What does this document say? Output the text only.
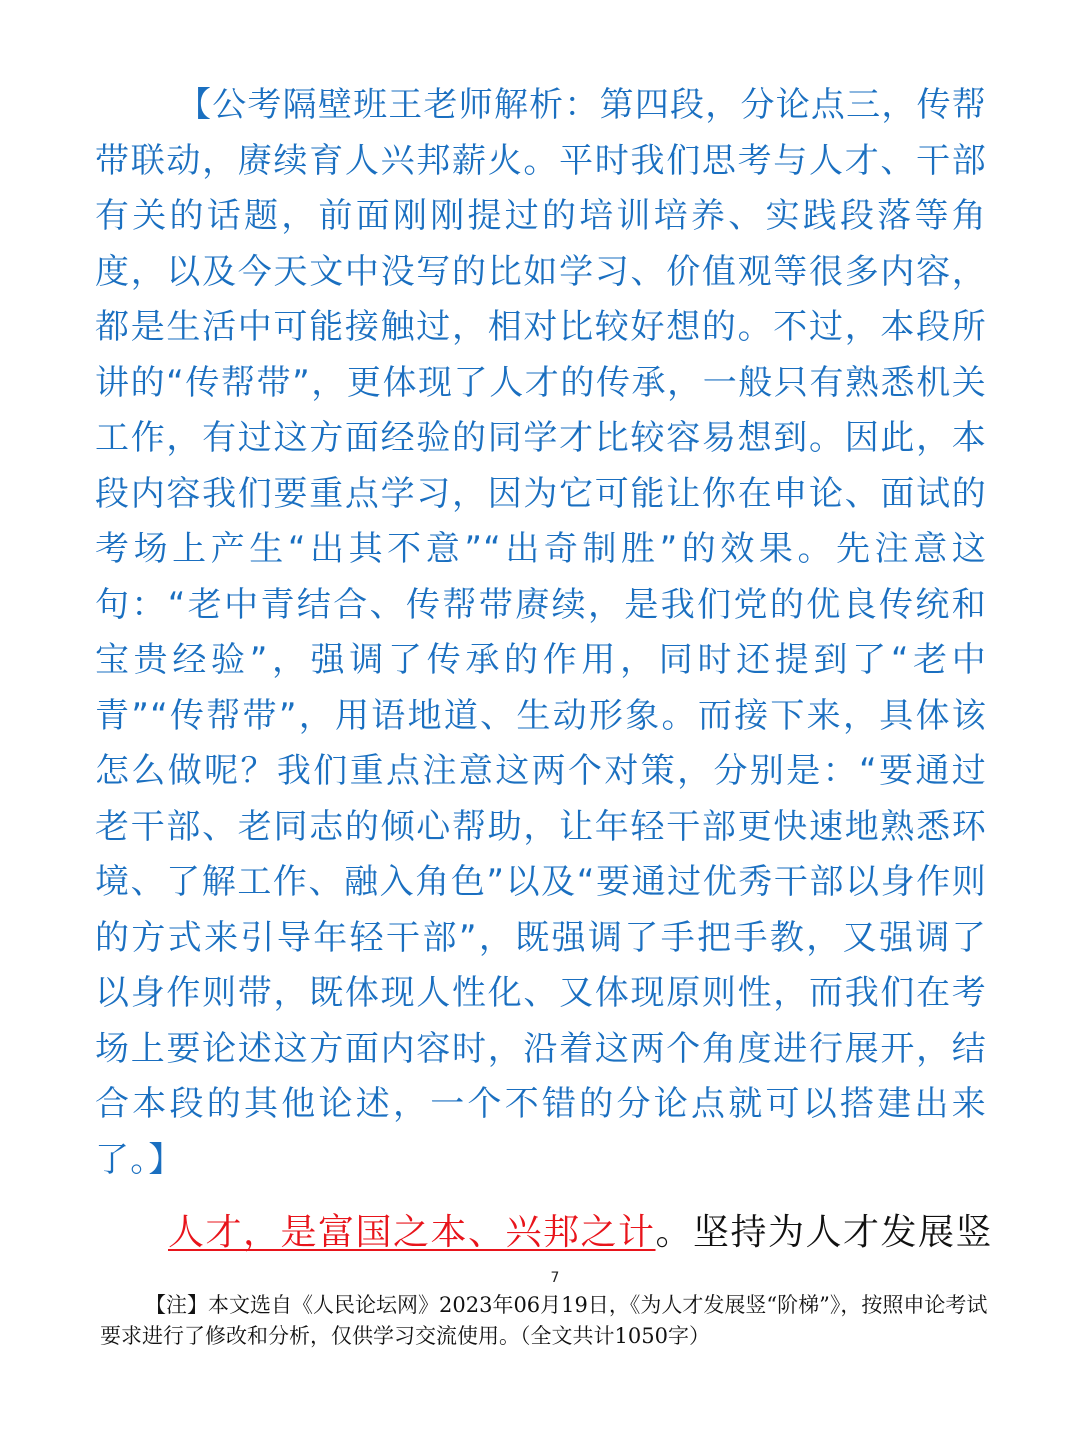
【公考隔壁班王老师解析：第四段，分论点三，传帮带联动，赓续育人兴邦薪火。平时我们思考与人才、干部有关的话题，前面刚刚提过的培训培养、实践段落等角度，以及今天文中没写的比如学习、价值观等很多内容，都是生活中可能接触过，相对比较好想的。不过，本段所讲的“传帮带”，更体现了人才的传承，一般只有熟悉机关工作，有过这方面经验的同学才比较容易想到。因此，本段内容我们要重点学习，因为它可能让你在申论、面试的考场上产生“出其不意”“出奇制胜”的效果。先注意这句：“老中青结合、传帮带赓续，是我们党的优良传统和宝贵经验”，强调了传承的作用，同时还提到了“老中青”“传帮带”，用语地道、生动形象。而接下来，具体该怎么做呢？我们重点注意这两个对策，分别是：“要通过老干部、老同志的倾心帮助，让年轻干部更快速地熟悉环境、了解工作、融入角色”以及“要通过优秀干部以身作则的方式来引导年轻干部”，既强调了手把手教，又强调了以身作则带，既体现人性化、又体现原则性，而我们在考场上要论述这方面内容时，沿着这两个角度进行展开，结合本段的其他论述，一个不错的分论点就可以搭建出来了。】

人才，是富国之本、兴邦之计。坚持为人才发展竖
7

【注】本文选自《人民论坛网》2023年06月19日，《为人才发展竖“阶梯”》，按照申论考试要求进行了修改和分析，仅供学习交流使用。（全文共计1050字）
